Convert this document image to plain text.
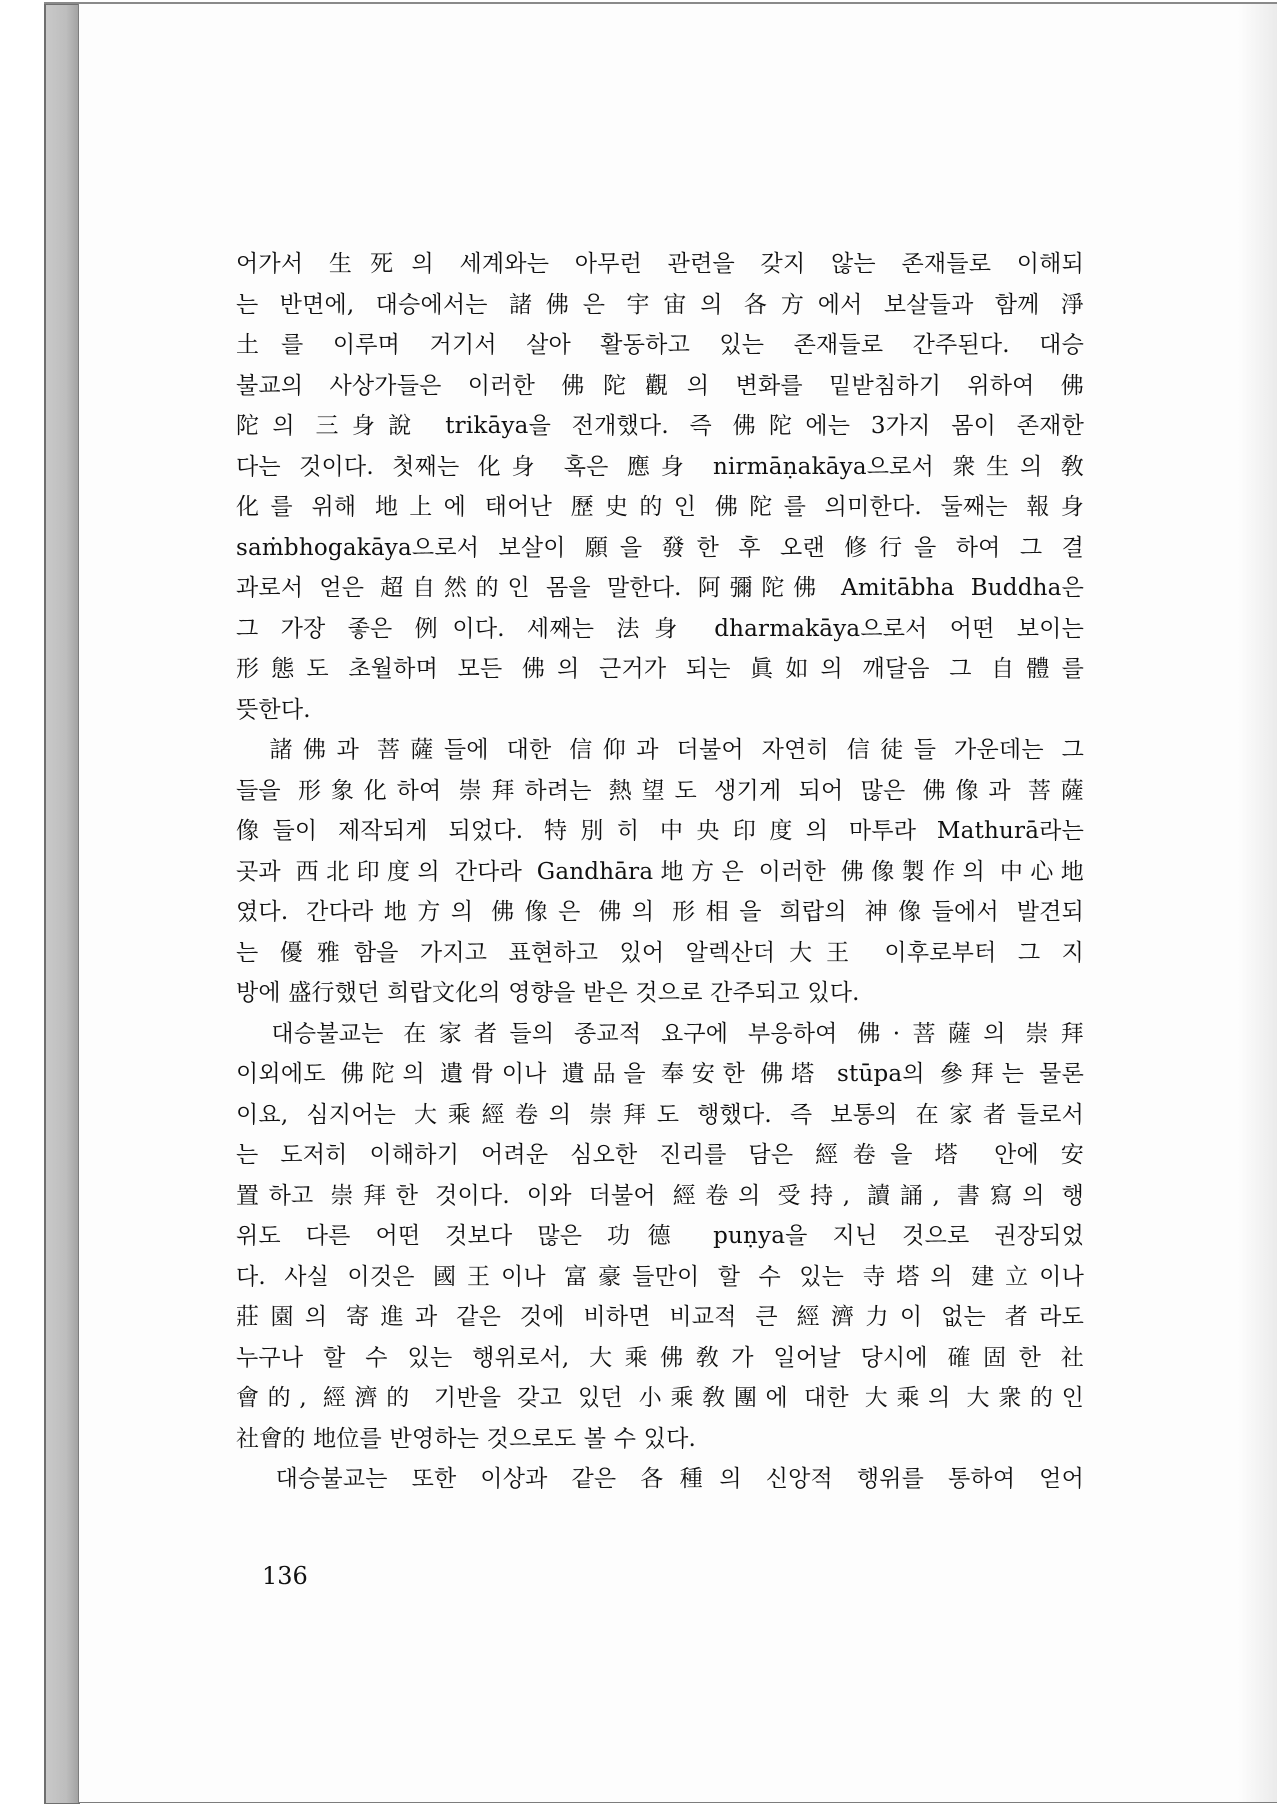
어가서 生死의 세계와는 아무런 관련을 갖지 않는 존재들로 이해되
는 반면에, 대승에서는 諸佛은 宇宙의 各方에서 보살들과 함께 淨
土를 이루며 거기서 살아 활동하고 있는 존재들로 간주된다. 대승
불교의 사상가들은 이러한 佛陀觀의 변화를 밑받침하기 위하여 佛
陀의 三身說 trikāya을 전개했다. 즉 佛陀에는 3가지 몸이 존재한
다는 것이다. 첫째는 化身 혹은 應身 nirmāṇakāya으로서 衆生의 敎
化를 위해 地上에 태어난 歷史的인 佛陀를 의미한다. 둘째는 報身
saṁbhogakāya으로서 보살이 願을 發한 후 오랜 修行을 하여 그 결
과로서 얻은 超自然的인 몸을 말한다. 阿彌陀佛 Amitābha Buddha은
그 가장 좋은 例이다. 세째는 法身 dharmakāya으로서 어떤 보이는
形態도 초월하며 모든 佛의 근거가 되는 眞如의 깨달음 그 自體를
뜻한다.
　諸佛과 菩薩들에 대한 信仰과 더불어 자연히 信徒들 가운데는 그
들을 形象化하여 崇拜하려는 熱望도 생기게 되어 많은 佛像과 菩薩
像들이 제작되게 되었다. 特別히 中央印度의 마투라 Mathurā라는
곳과 西北印度의 간다라 Gandhāra地方은 이러한 佛像製作의 中心地
였다. 간다라地方의 佛像은 佛의 形相을 희랍의 神像들에서 발견되
는 優雅함을 가지고 표현하고 있어 알렉산더大王 이후로부터 그 지
방에 盛行했던 희랍文化의 영향을 받은 것으로 간주되고 있다.
　대승불교는 在家者들의 종교적 요구에 부응하여 佛·菩薩의 崇拜
이외에도 佛陀의 遺骨이나 遺品을 奉安한 佛塔 stūpa의 參拜는 물론
이요, 심지어는 大乘經卷의 崇拜도 행했다. 즉 보통의 在家者들로서
는 도저히 이해하기 어려운 심오한 진리를 담은 經卷을 塔 안에 安
置하고 崇拜한 것이다. 이와 더불어 經卷의 受持, 讀誦, 書寫의 행
위도 다른 어떤 것보다 많은 功德 puṇya을 지닌 것으로 권장되었
다. 사실 이것은 國王이나 富豪들만이 할 수 있는 寺塔의 建立이나
莊園의 寄進과 같은 것에 비하면 비교적 큰 經濟力이 없는 者라도
누구나 할 수 있는 행위로서, 大乘佛敎가 일어날 당시에 確固한 社
會的, 經濟的 기반을 갖고 있던 小乘敎團에 대한 大乘의 大衆的인
社會的 地位를 반영하는 것으로도 볼 수 있다.
　대승불교는 또한 이상과 같은 各種의 신앙적 행위를 통하여 얻어
136
